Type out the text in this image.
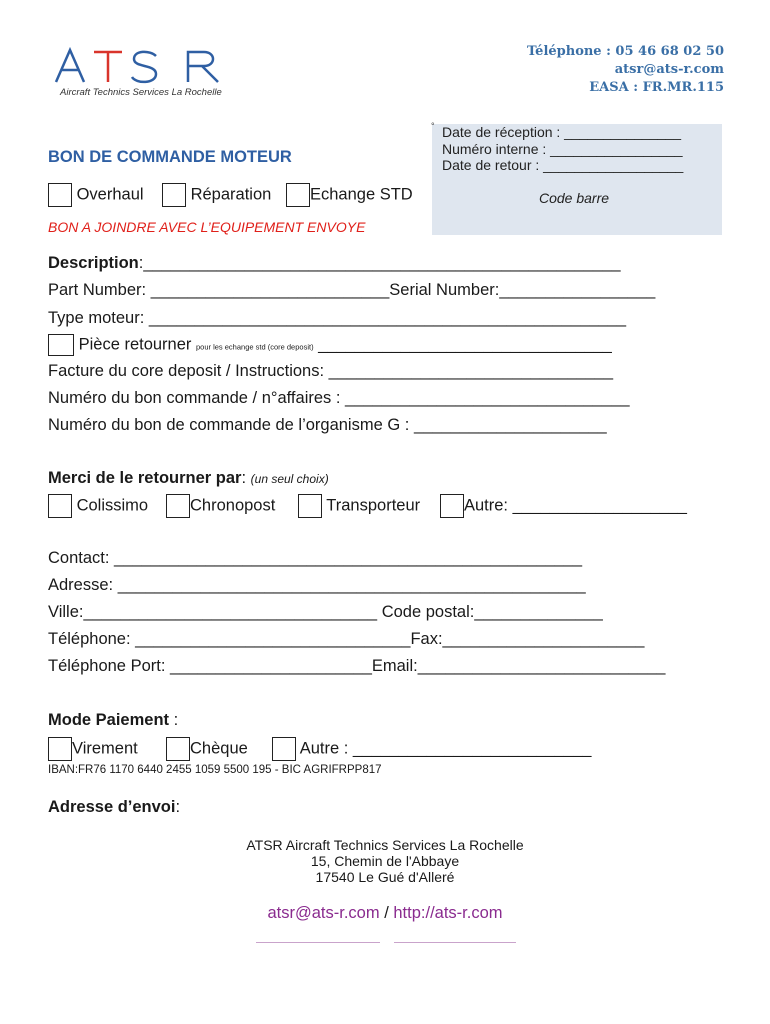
Aircraft Technics Services La Rochelle
Téléphone : 05 46 68 02 50
atsr@ats-r.com
EASA : FR.MR.115
° Date de réception : _______________
Numéro interne : _________________
Date de retour : __________________
Code barre
BON DE COMMANDE MOTEUR
Overhaul	Réparation	Echange STD
BON A JOINDRE AVEC L’EQUIPEMENT ENVOYE
Description:____________________________________________________
Part Number: __________________________Serial Number:_________________
Type moteur: ____________________________________________________
Pièce retourner pour les echange std (core deposit) ________________________________
Facture du core deposit / Instructions: _______________________________
Numéro du bon commande / n°affaires : _______________________________
Numéro du bon de commande de l’organisme G : _____________________
Merci de le retourner par: (un seul choix)
Colissimo	Chronopost	Transporteur	Autre: ___________________
Contact: ___________________________________________________
Adresse: ___________________________________________________
Ville:________________________________ Code postal:______________
Téléphone: ______________________________Fax:______________________
Téléphone Port: ______________________Email:___________________________
Mode Paiement :
Virement	Chèque	Autre : __________________________
IBAN:FR76 1170 6440 2455 1059 5500 195 - BIC AGRIFRPP817
Adresse d’envoi:
ATSR Aircraft Technics Services La Rochelle
15, Chemin de l'Abbaye
17540 Le Gué d'Alleré
atsr@ats-r.com / http://ats-r.com
